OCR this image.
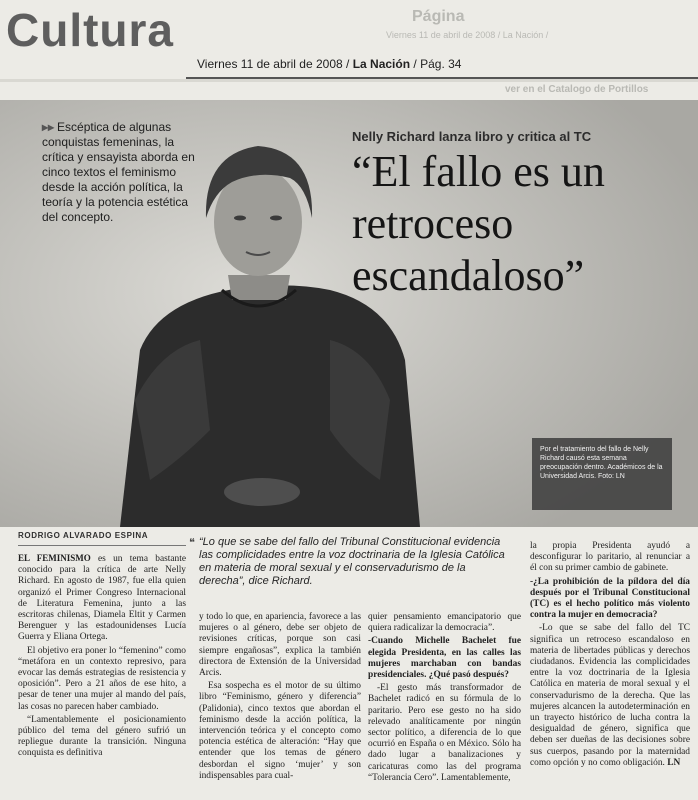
Página
Viernes 11 de abril de 2008 / La Nación /
ver en el Catalogo de Portillos
Cultura
Viernes 11 de abril de 2008 / La Nación / Pág. 34
▸▸ Escéptica de algunas conquistas femeninas, la crítica y ensayista aborda en cinco textos el feminismo desde la acción política, la teoría y la potencia estética del concepto.
Nelly Richard lanza libro y critica al TC
“El fallo es un retroceso escandaloso”
Por el tratamiento del fallo de Nelly Richard causó esta semana preocupación dentro. Académicos de la Universidad Arcis. Foto: LN
RODRIGO ALVARADO ESPINA
❝ “Lo que se sabe del fallo del Tribunal Constitucional evidencia las complicidades entre la voz doctrinaria de la Iglesia Católica en materia de moral sexual y el conservadurismo de la derecha”, dice Richard.

EL FEMINISMO es un tema bastante conocido para la crítica de arte Nelly Richard. En agosto de 1987, fue ella quien organizó el Primer Congreso Internacional de Literatura Femenina, junto a las escritoras chilenas, Diamela Eltit y Carmen Berenguer y las estadounidenses Lucía Guerra y Eliana Ortega.

El objetivo era poner lo “femenino” como “metáfora en un contexto represivo, para evocar las demás estrategias de resistencia y oposición”. Pero a 21 años de ese hito, a pesar de tener una mujer al mando del país, las cosas no parecen haber cambiado.

“Lamentablemente el posicionamiento público del tema del género sufrió un repliegue durante la transición. Ninguna conquista es definitiva

y todo lo que, en apariencia, favorece a las mujeres o al género, debe ser objeto de revisiones críticas, porque son casi siempre engañosas”, explica la también directora de Extensión de la Universidad Arcis.

Esa sospecha es el motor de su último libro “Feminismo, género y diferencia” (Palidonia), cinco textos que abordan el feminismo desde la acción política, la intervención teórica y el concepto como potencia estética de alteración: “Hay que entender que los temas de género desbordan el signo ‘mujer’ y son indispensables para cual-

quier pensamiento emancipatorio que quiera radicalizar la democracia”.

-Cuando Michelle Bachelet fue elegida Presidenta, en las calles las mujeres marchaban con bandas presidenciales. ¿Qué pasó después?

-El gesto más transformador de Bachelet radicó en su fórmula de lo paritario. Pero ese gesto no ha sido relevado analíticamente por ningún sector político, a diferencia de lo que ocurrió en España o en México. Sólo ha dado lugar a banalizaciones y caricaturas como las del programa “Tolerancia Cero”. Lamentablemente,

la propia Presidenta ayudó a desconfigurar lo paritario, al renunciar a él con su primer cambio de gabinete.

-¿La prohibición de la píldora del día después por el Tribunal Constitucional (TC) es el hecho político más violento contra la mujer en democracia?

-Lo que se sabe del fallo del TC significa un retroceso escandaloso en materia de libertades públicas y derechos ciudadanos. Evidencia las complicidades entre la voz doctrinaria de la Iglesia Católica en materia de moral sexual y el conservadurismo de la derecha. Que las mujeres alcancen la autodeterminación en un trayecto histórico de lucha contra la desigualdad de género, significa que deben ser dueñas de las decisiones sobre sus cuerpos, pasando por la maternidad como opción y no como obligación. LN
